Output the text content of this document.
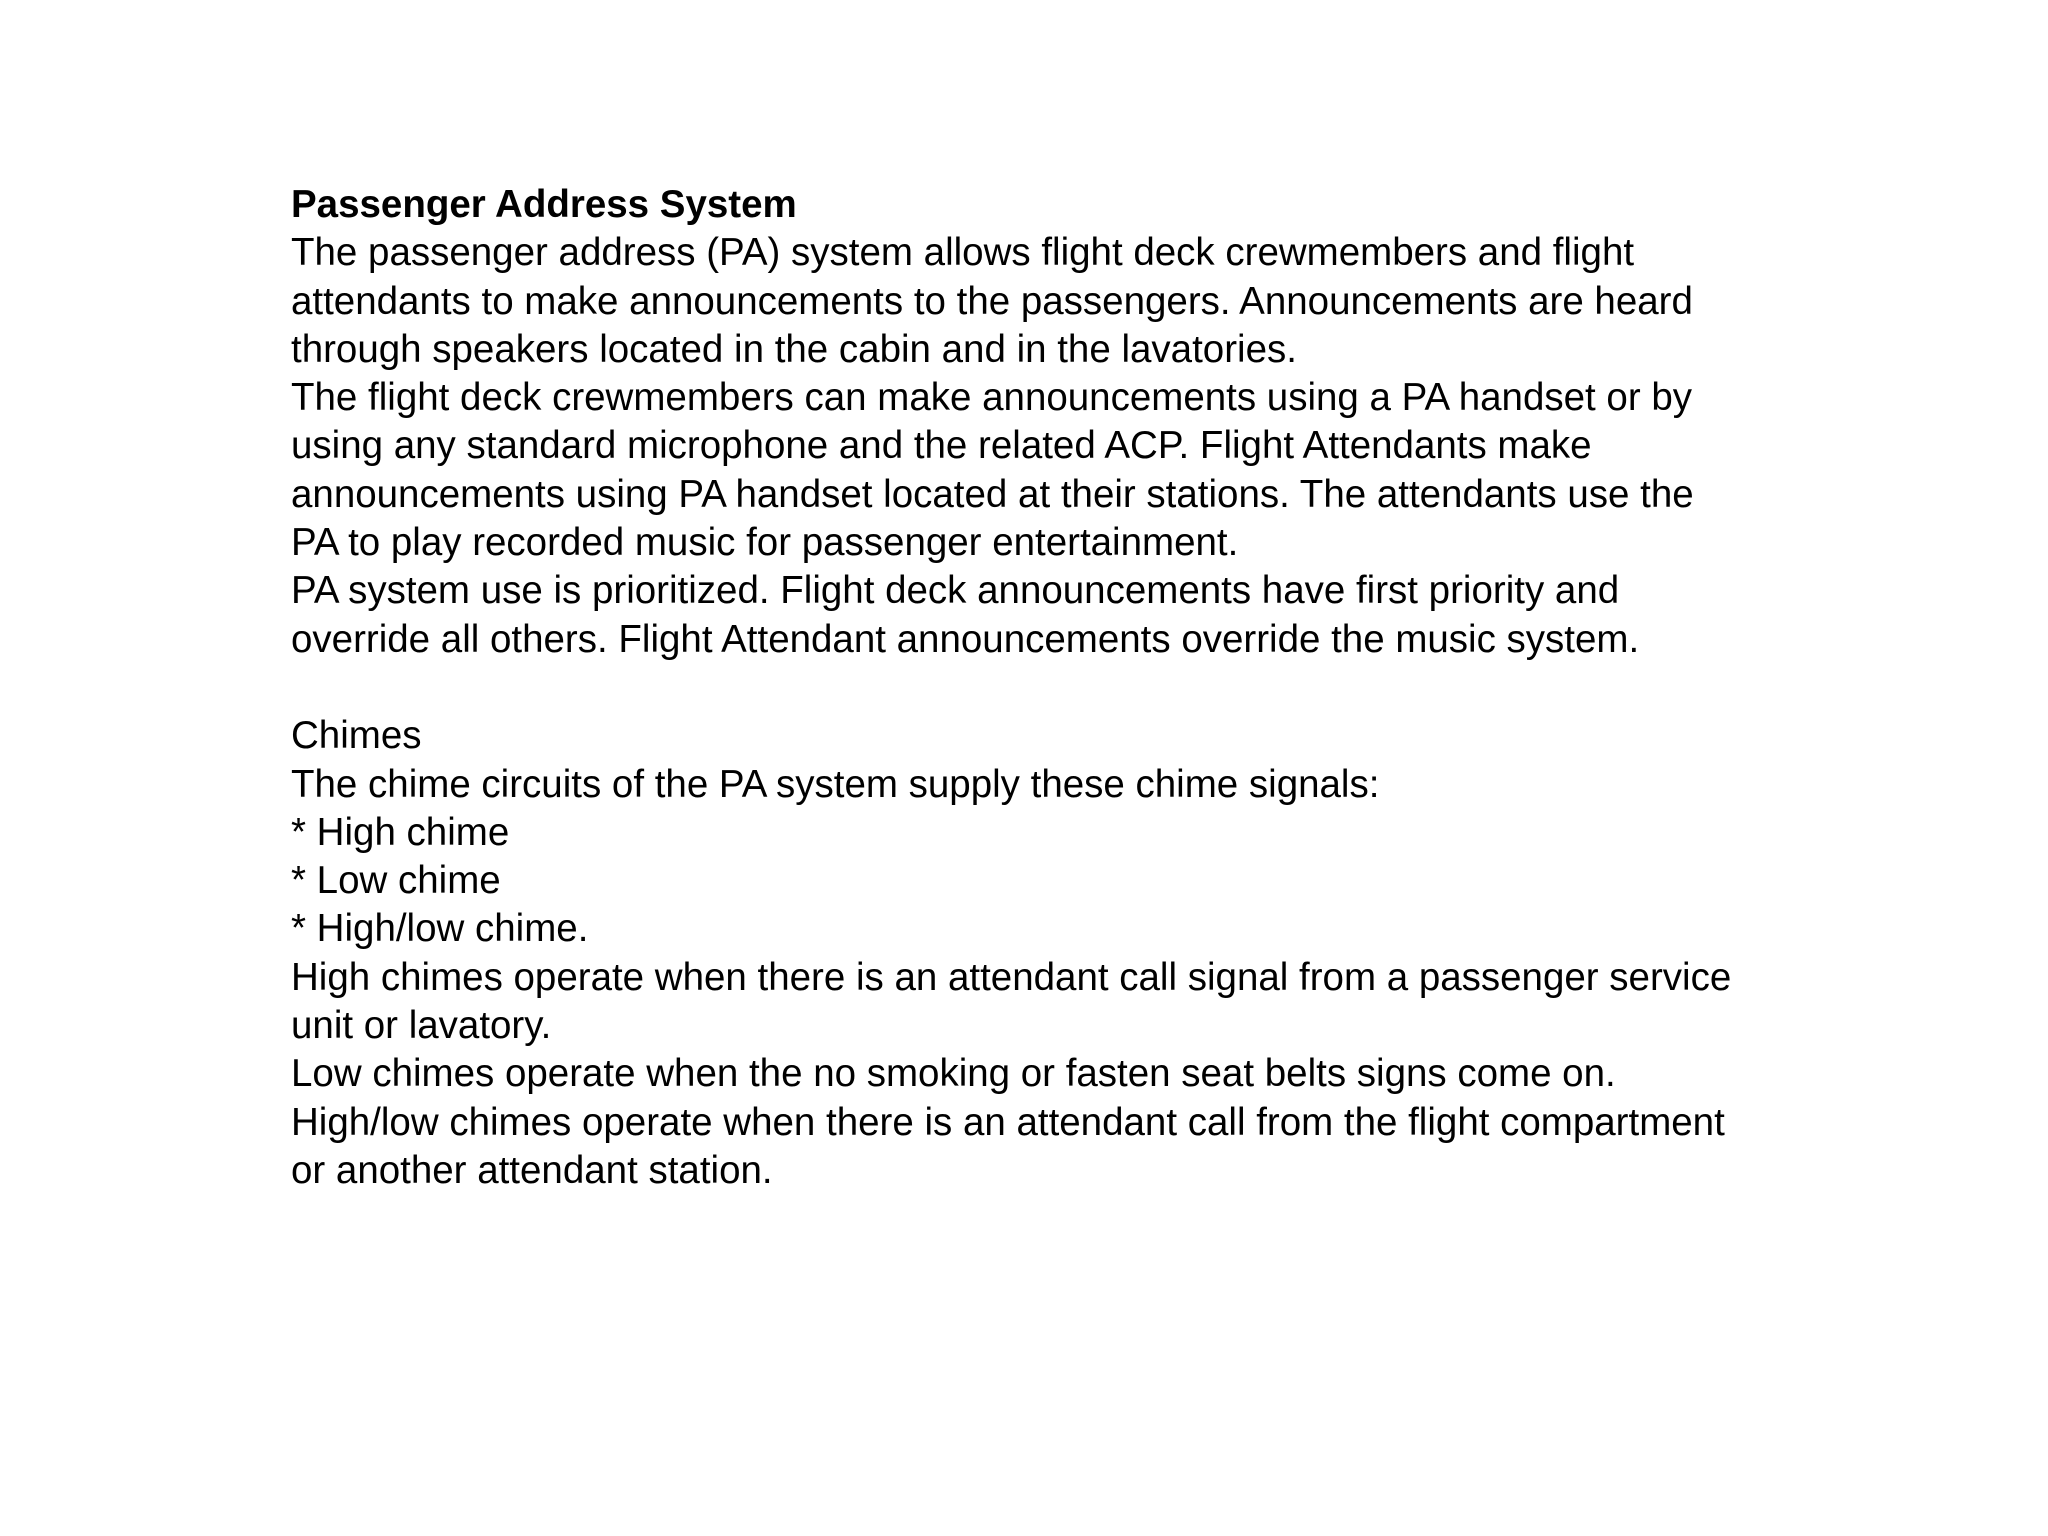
Passenger Address System

The passenger address (PA) system allows flight deck crewmembers and flight

attendants to make announcements to the passengers. Announcements are heard

through speakers located in the cabin and in the lavatories.

The flight deck crewmembers can make announcements using a PA handset or by

using any standard microphone and the related ACP. Flight Attendants make

announcements using PA handset located at their stations. The attendants use the

PA to play recorded music for passenger entertainment.

PA system use is prioritized. Flight deck announcements have first priority and

override all others. Flight Attendant announcements override the music system.

Chimes

The chime circuits of the PA system supply these chime signals:

* High chime

* Low chime

* High/low chime.

High chimes operate when there is an attendant call signal from a passenger service

unit or lavatory.

Low chimes operate when the no smoking or fasten seat belts signs come on.

High/low chimes operate when there is an attendant call from the flight compartment

or another attendant station.
